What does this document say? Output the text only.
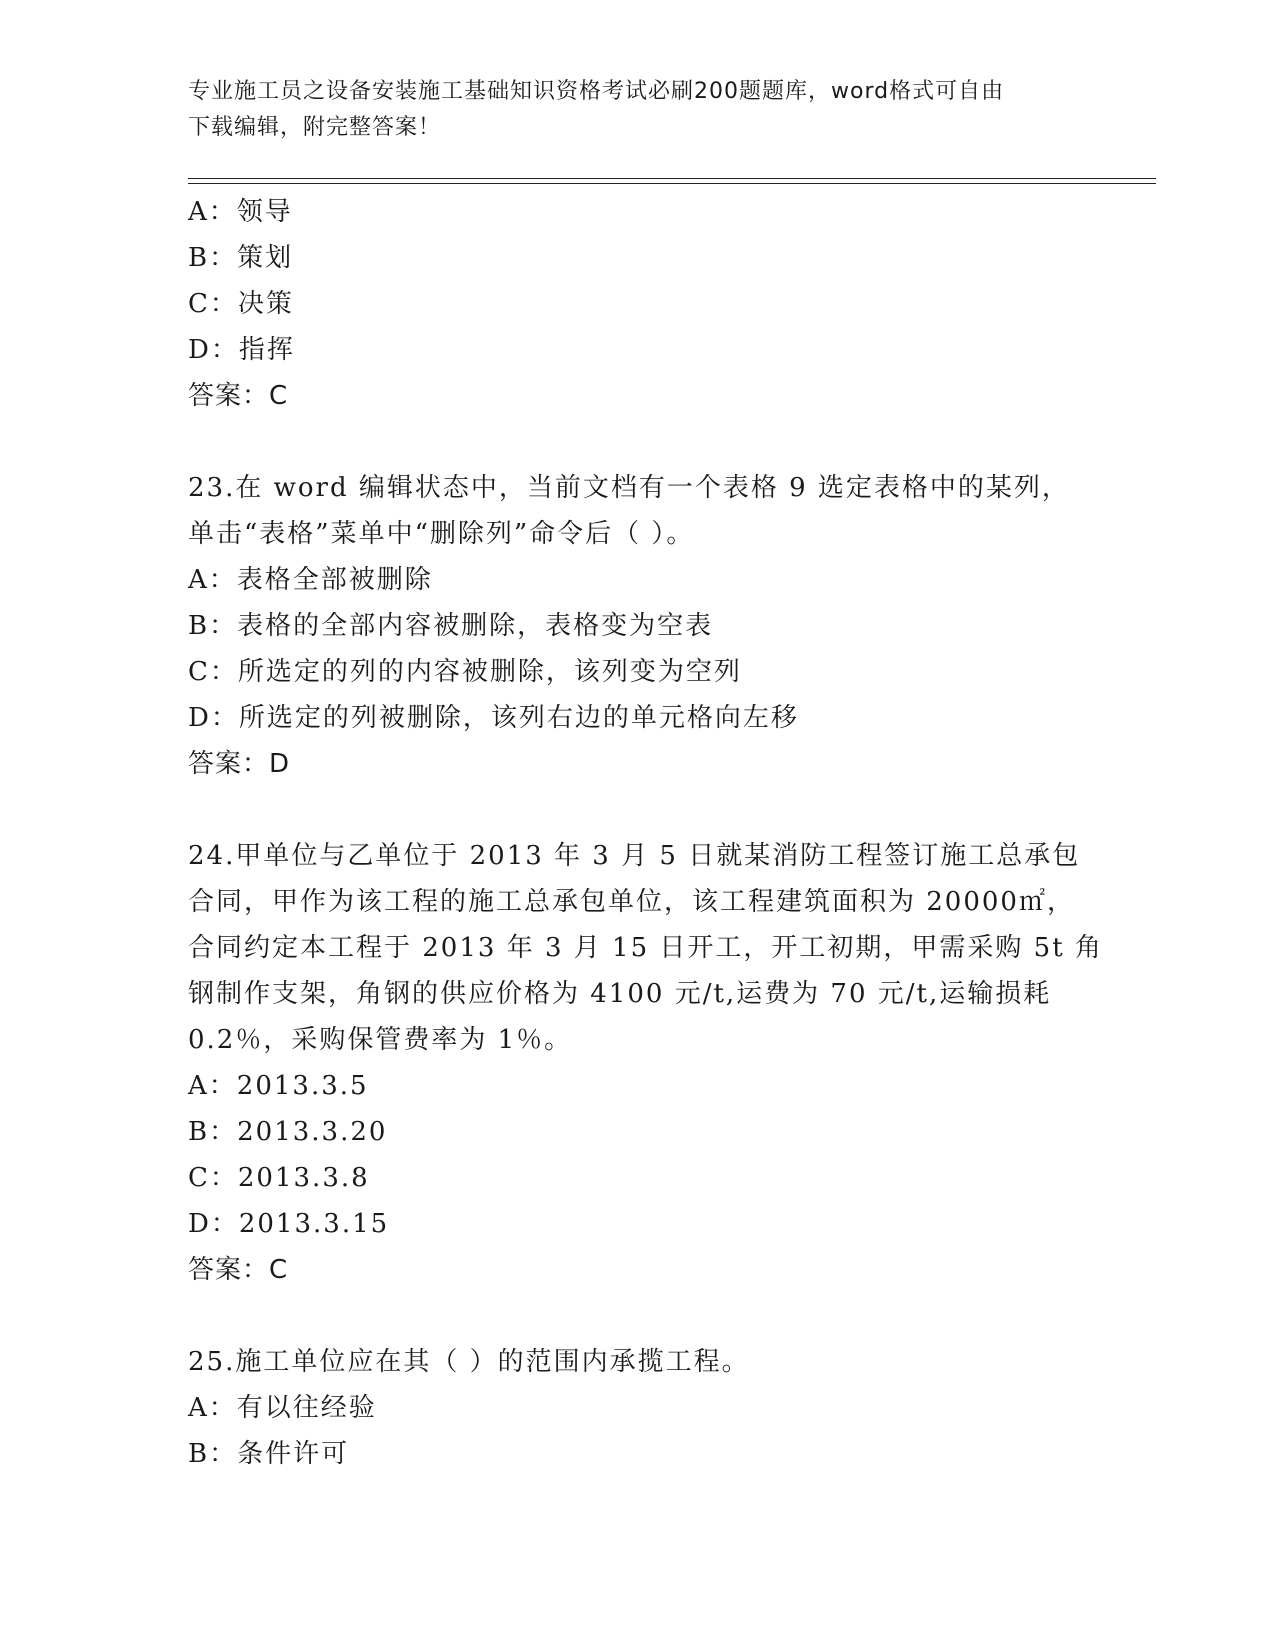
专业施工员之设备安装施工基础知识资格考试必刷200题题库，word格式可自由
下载编辑，附完整答案！

A：领导

B：策划

C：决策

D：指挥

答案：C

23.在 word 编辑状态中，当前文档有一个表格 9 选定表格中的某列，

单击“表格”菜单中“删除列”命令后（ ）。

A：表格全部被删除

B：表格的全部内容被删除，表格变为空表

C：所选定的列的内容被删除，该列变为空列

D：所选定的列被删除，该列右边的单元格向左移

答案：D

24.甲单位与乙单位于 2013 年 3 月 5 日就某消防工程签订施工总承包

合同，甲作为该工程的施工总承包单位，该工程建筑面积为 20000㎡，

合同约定本工程于 2013 年 3 月 15 日开工，开工初期，甲需采购 5t 角

钢制作支架，角钢的供应价格为 4100 元/t,运费为 70 元/t,运输损耗

0.2％，采购保管费率为 1％。

A：2013.3.5

B：2013.3.20

C：2013.3.8

D：2013.3.15

答案：C

25.施工单位应在其（ ）的范围内承揽工程。

A：有以往经验

B：条件许可
